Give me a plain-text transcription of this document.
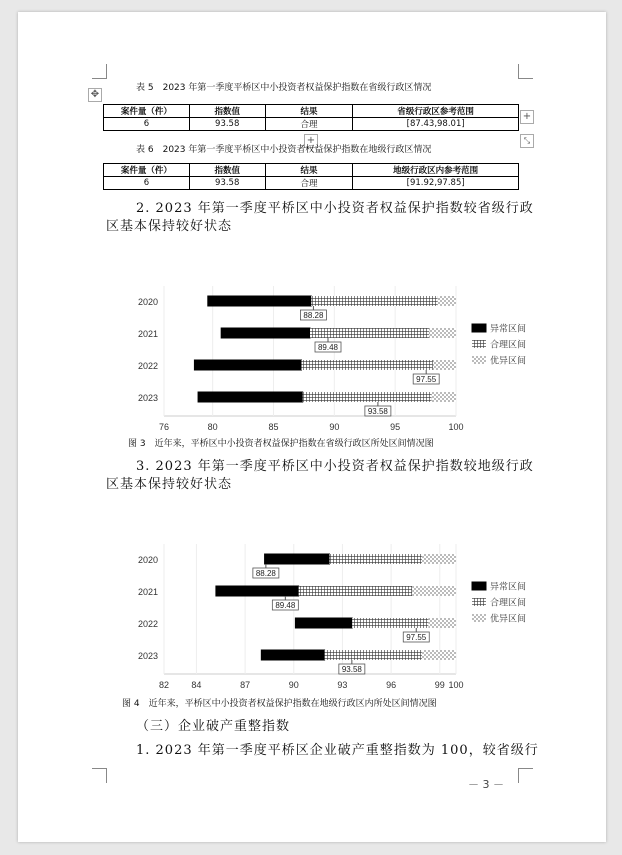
表 5　2023 年第一季度平桥区中小投资者权益保护指数在省级行政区情况
✥
案件量（件）	指数值	结果	省级行政区参考范围
6	93.58	合理	[87.43,98.01]
+
⤡
+
表 6　2023 年第一季度平桥区中小投资者权益保护指数在地级行政区情况
案件量（件）	指数值	结果	地级行政区内参考范围
6	93.58	合理	[91.92,97.85]
2. 2023 年第一季度平桥区中小投资者权益保护指数较省级行政
区基本保持较好状态
76	80	85	90	95	100
2020
88.28
2021
89.48
2022
97.55
2023
93.58
异常区间
合理区间
优异区间
图 3　近年来，平桥区中小投资者权益保护指数在省级行政区所处区间情况图
3. 2023 年第一季度平桥区中小投资者权益保护指数较地级行政
区基本保持较好状态
82 84	87	90	93	96	99 100
2020
88.28
2021
89.48
2022
97.55
2023
93.58
异常区间
合理区间
优异区间
图 4　近年来，平桥区中小投资者权益保护指数在地级行政区内所处区间情况图
（三）企业破产重整指数
1. 2023 年第一季度平桥区企业破产重整指数为 100，较省级行
－ 3 －
